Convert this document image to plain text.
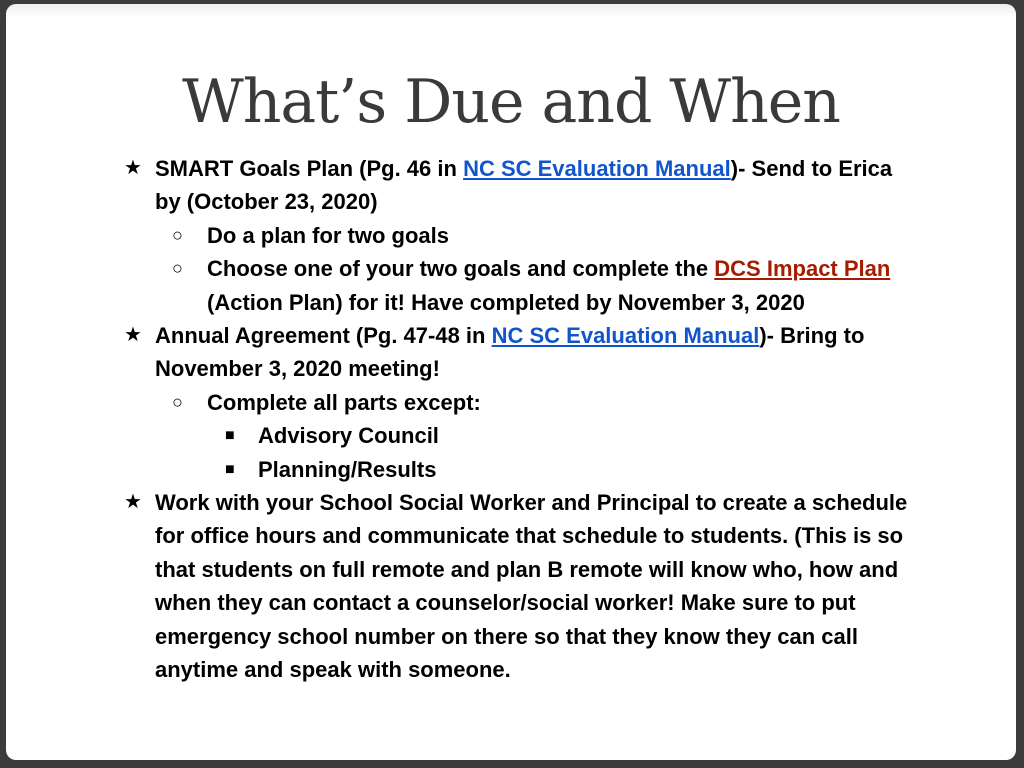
What’s Due and When
★ SMART Goals Plan (Pg. 46 in NC SC Evaluation Manual)- Send to Erica by (October 23, 2020)
○ Do a plan for two goals
○ Choose one of your two goals and complete the DCS Impact Plan (Action Plan) for it! Have completed by November 3, 2020
★ Annual Agreement (Pg. 47-48 in NC SC Evaluation Manual)- Bring to November 3, 2020 meeting!
○ Complete all parts except:
■ Advisory Council
■ Planning/Results
★ Work with your School Social Worker and Principal to create a schedule for office hours and communicate that schedule to students. (This is so that students on full remote and plan B remote will know who, how and when they can contact a counselor/social worker! Make sure to put emergency school number on there so that they know they can call anytime and speak with someone.
